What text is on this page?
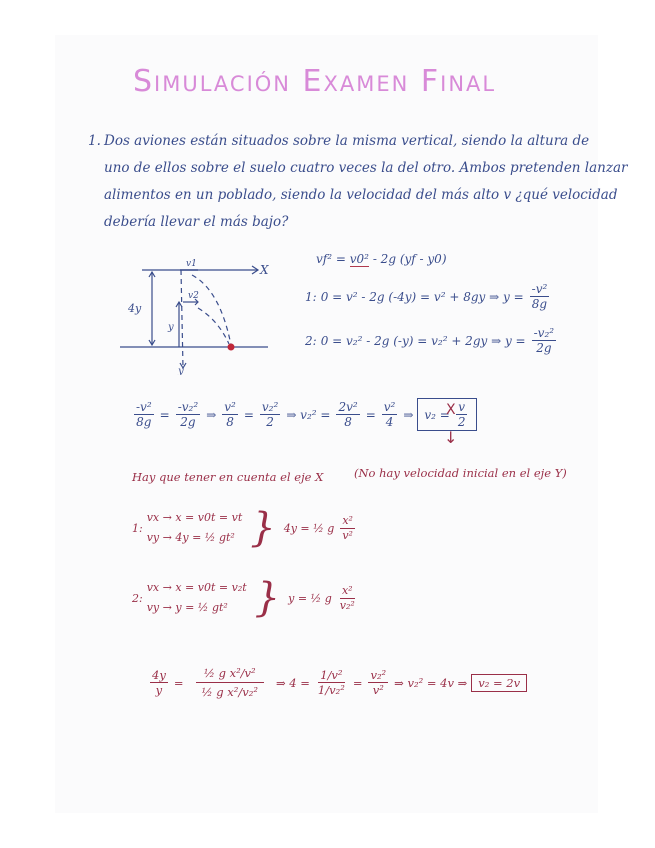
Simulación Examen Final
1. Dos aviones están situados sobre la misma vertical, siendo la altura de
uno de ellos sobre el suelo cuatro veces la del otro. Ambos pretenden lanzar
alimentos en un poblado, siendo la velocidad del más alto v ¿qué velocidad
debería llevar el más bajo?
X
y
4y
y
v1
v2
vf² = v0² - 2g (yf - y0)
1: 0 = v² - 2g (-4y) = v² + 8gy ⇒ $y = \frac{\text{-v²}}{8g}$
2: 0 = v₂² - 2g (-y) = v₂² + 2gy ⇒ $y = \frac{\text{-v₂²}}{2g}$
$\frac{\text{-v²}}{8g} = \frac{\text{-v₂²}}{2g}$ ⇒ $\frac{\text{v²}}{8} = \frac{\text{v₂²}}{2}$ ⇒ $v_2^2 = \frac{\text{2v²}}{8} = \frac{\text{v²}}{4}$ ⇒ $v_2 = \frac{v}{2}$
X
↓
Hay que tener en cuenta el eje X	(No hay velocidad inicial en el eje Y)
1:
vx → x = v0t = vt
vy → 4y = ½ gt² } 4y = ½ g $\frac{\text{x²}}{\text{v²}}$
2:
vx → x = v0t = v₂t
vy → y = ½ gt² } y = ½ g $\frac{\text{x²}}{\text{v₂²}}$
$\frac{4y}{y} = \frac{\text{½ g x²/v²}}{\text{½ g x²/v₂²}}$ ⇒ $4 = \frac{\text{1/v²}}{\text{1/v₂²}} = \frac{\text{v₂²}}{\text{v²}}$ ⇒ v₂² = 4v ⇒ v₂ = 2v
